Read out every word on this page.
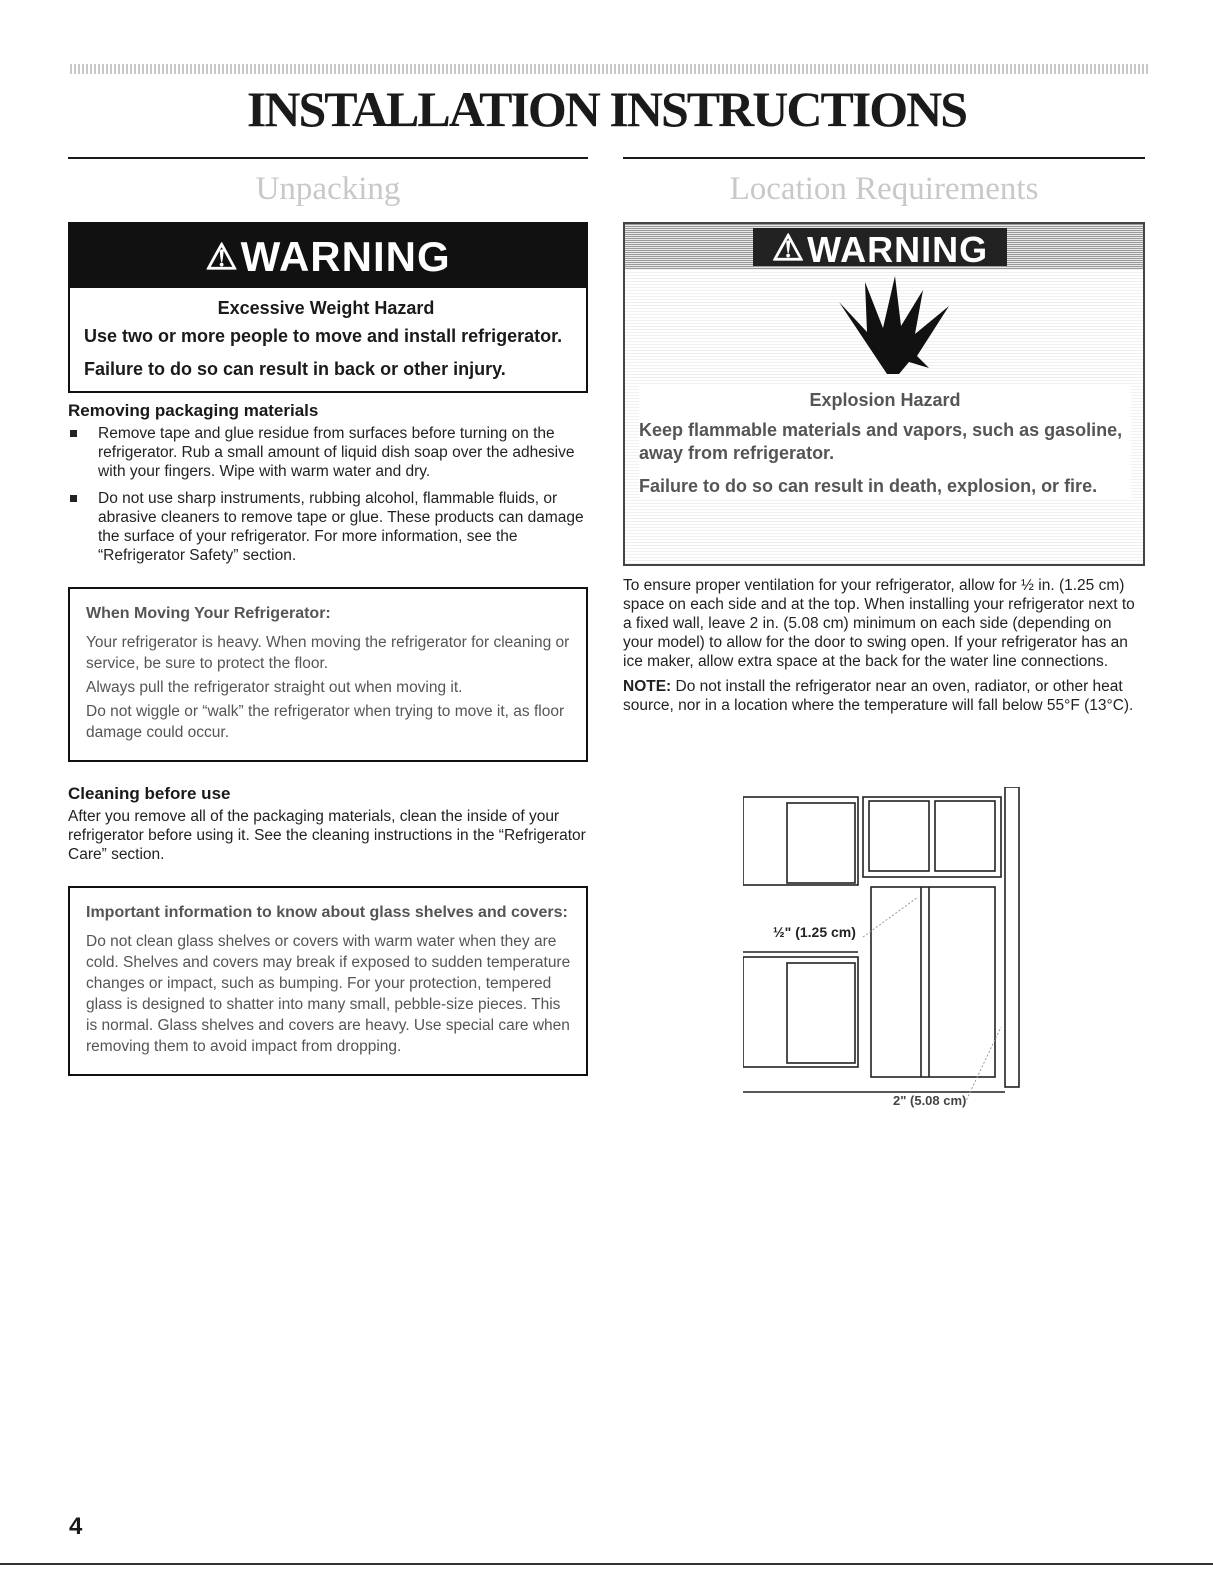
INSTALLATION INSTRUCTIONS
Unpacking
⚠WARNING

Excessive Weight Hazard

Use two or more people to move and install refrigerator.

Failure to do so can result in back or other injury.

Removing packaging materials
Remove tape and glue residue from surfaces before turning on the refrigerator. Rub a small amount of liquid dish soap over the adhesive with your fingers. Wipe with warm water and dry.
Do not use sharp instruments, rubbing alcohol, flammable fluids, or abrasive cleaners to remove tape or glue. These products can damage the surface of your refrigerator. For more information, see the “Refrigerator Safety” section.

When Moving Your Refrigerator:

Your refrigerator is heavy. When moving the refrigerator for cleaning or service, be sure to protect the floor.

Always pull the refrigerator straight out when moving it.

Do not wiggle or “walk” the refrigerator when trying to move it, as floor damage could occur.

Cleaning before use

After you remove all of the packaging materials, clean the inside of your refrigerator before using it. See the cleaning instructions in the “Refrigerator Care” section.

Important information to know about glass shelves and covers:

Do not clean glass shelves or covers with warm water when they are cold. Shelves and covers may break if exposed to sudden temperature changes or impact, such as bumping. For your protection, tempered glass is designed to shatter into many small, pebble-size pieces. This is normal. Glass shelves and covers are heavy. Use special care when removing them to avoid impact from dropping.

Location Requirements
⚠WARNING

Explosion Hazard

Keep flammable materials and vapors, such as gasoline, away from refrigerator.

Failure to do so can result in death, explosion, or fire.

To ensure proper ventilation for your refrigerator, allow for ½ in. (1.25 cm) space on each side and at the top. When installing your refrigerator next to a fixed wall, leave 2 in. (5.08 cm) minimum on each side (depending on your model) to allow for the door to swing open. If your refrigerator has an ice maker, allow extra space at the back for the water line connections.

NOTE: Do not install the refrigerator near an oven, radiator, or other heat source, nor in a location where the temperature will fall below 55°F (13°C).

½" (1.25 cm)
2" (5.08 cm)

4
